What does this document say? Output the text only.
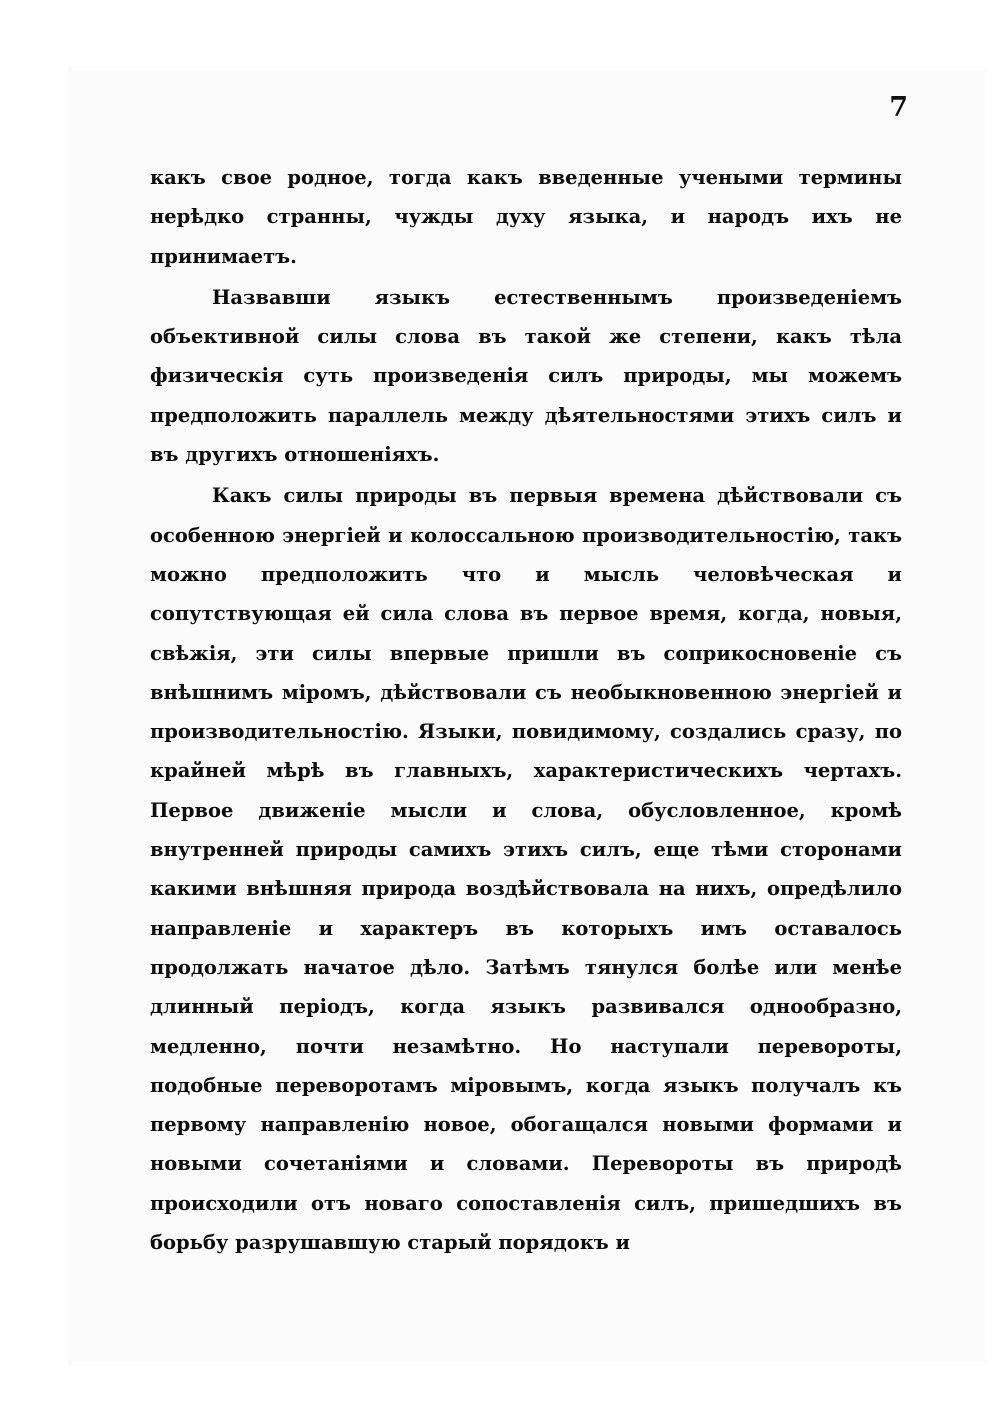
7

какъ свое родное, тогда какъ введенные учеными термины нерѣдко странны, чужды духу языка, и народъ ихъ не принимаетъ.

Назвавши языкъ естественнымъ произведеніемъ объективной силы слова въ такой же степени, какъ тѣла физическія суть произведенія силъ природы, мы можемъ предположить параллель между дѣятельностями этихъ силъ и въ другихъ отношеніяхъ.

Какъ силы природы въ первыя времена дѣйствовали съ особенною энергіей и колоссальною производительностію, такъ можно предположить что и мысль человѣческая и сопутствующая ей сила слова въ первое время, когда, новыя, свѣжія, эти силы впервые пришли въ соприкосновеніе съ внѣшнимъ міромъ, дѣйствовали съ необыкновенною энергіей и производительностію. Языки, повидимому, создались сразу, по крайней мѣрѣ въ главныхъ, характеристическихъ чертахъ. Первое движеніе мысли и слова, обусловленное, кромѣ внутренней природы самихъ этихъ силъ, еще тѣми сторонами какими внѣшняя природа воздѣйствовала на нихъ, опредѣлило направленіе и характеръ въ которыхъ имъ оставалось продолжать начатое дѣло. Затѣмъ тянулся болѣе или менѣе длинный періодъ, когда языкъ развивался однообразно, медленно, почти незамѣтно. Но наступали перевороты, подобные переворотамъ міровымъ, когда языкъ получалъ къ первому направленію новое, обогащался новыми формами и новыми сочетаніями и словами. Перевороты въ природѣ происходили отъ новаго сопоставленія силъ, пришедшихъ въ борьбу разрушавшую старый порядокъ и
